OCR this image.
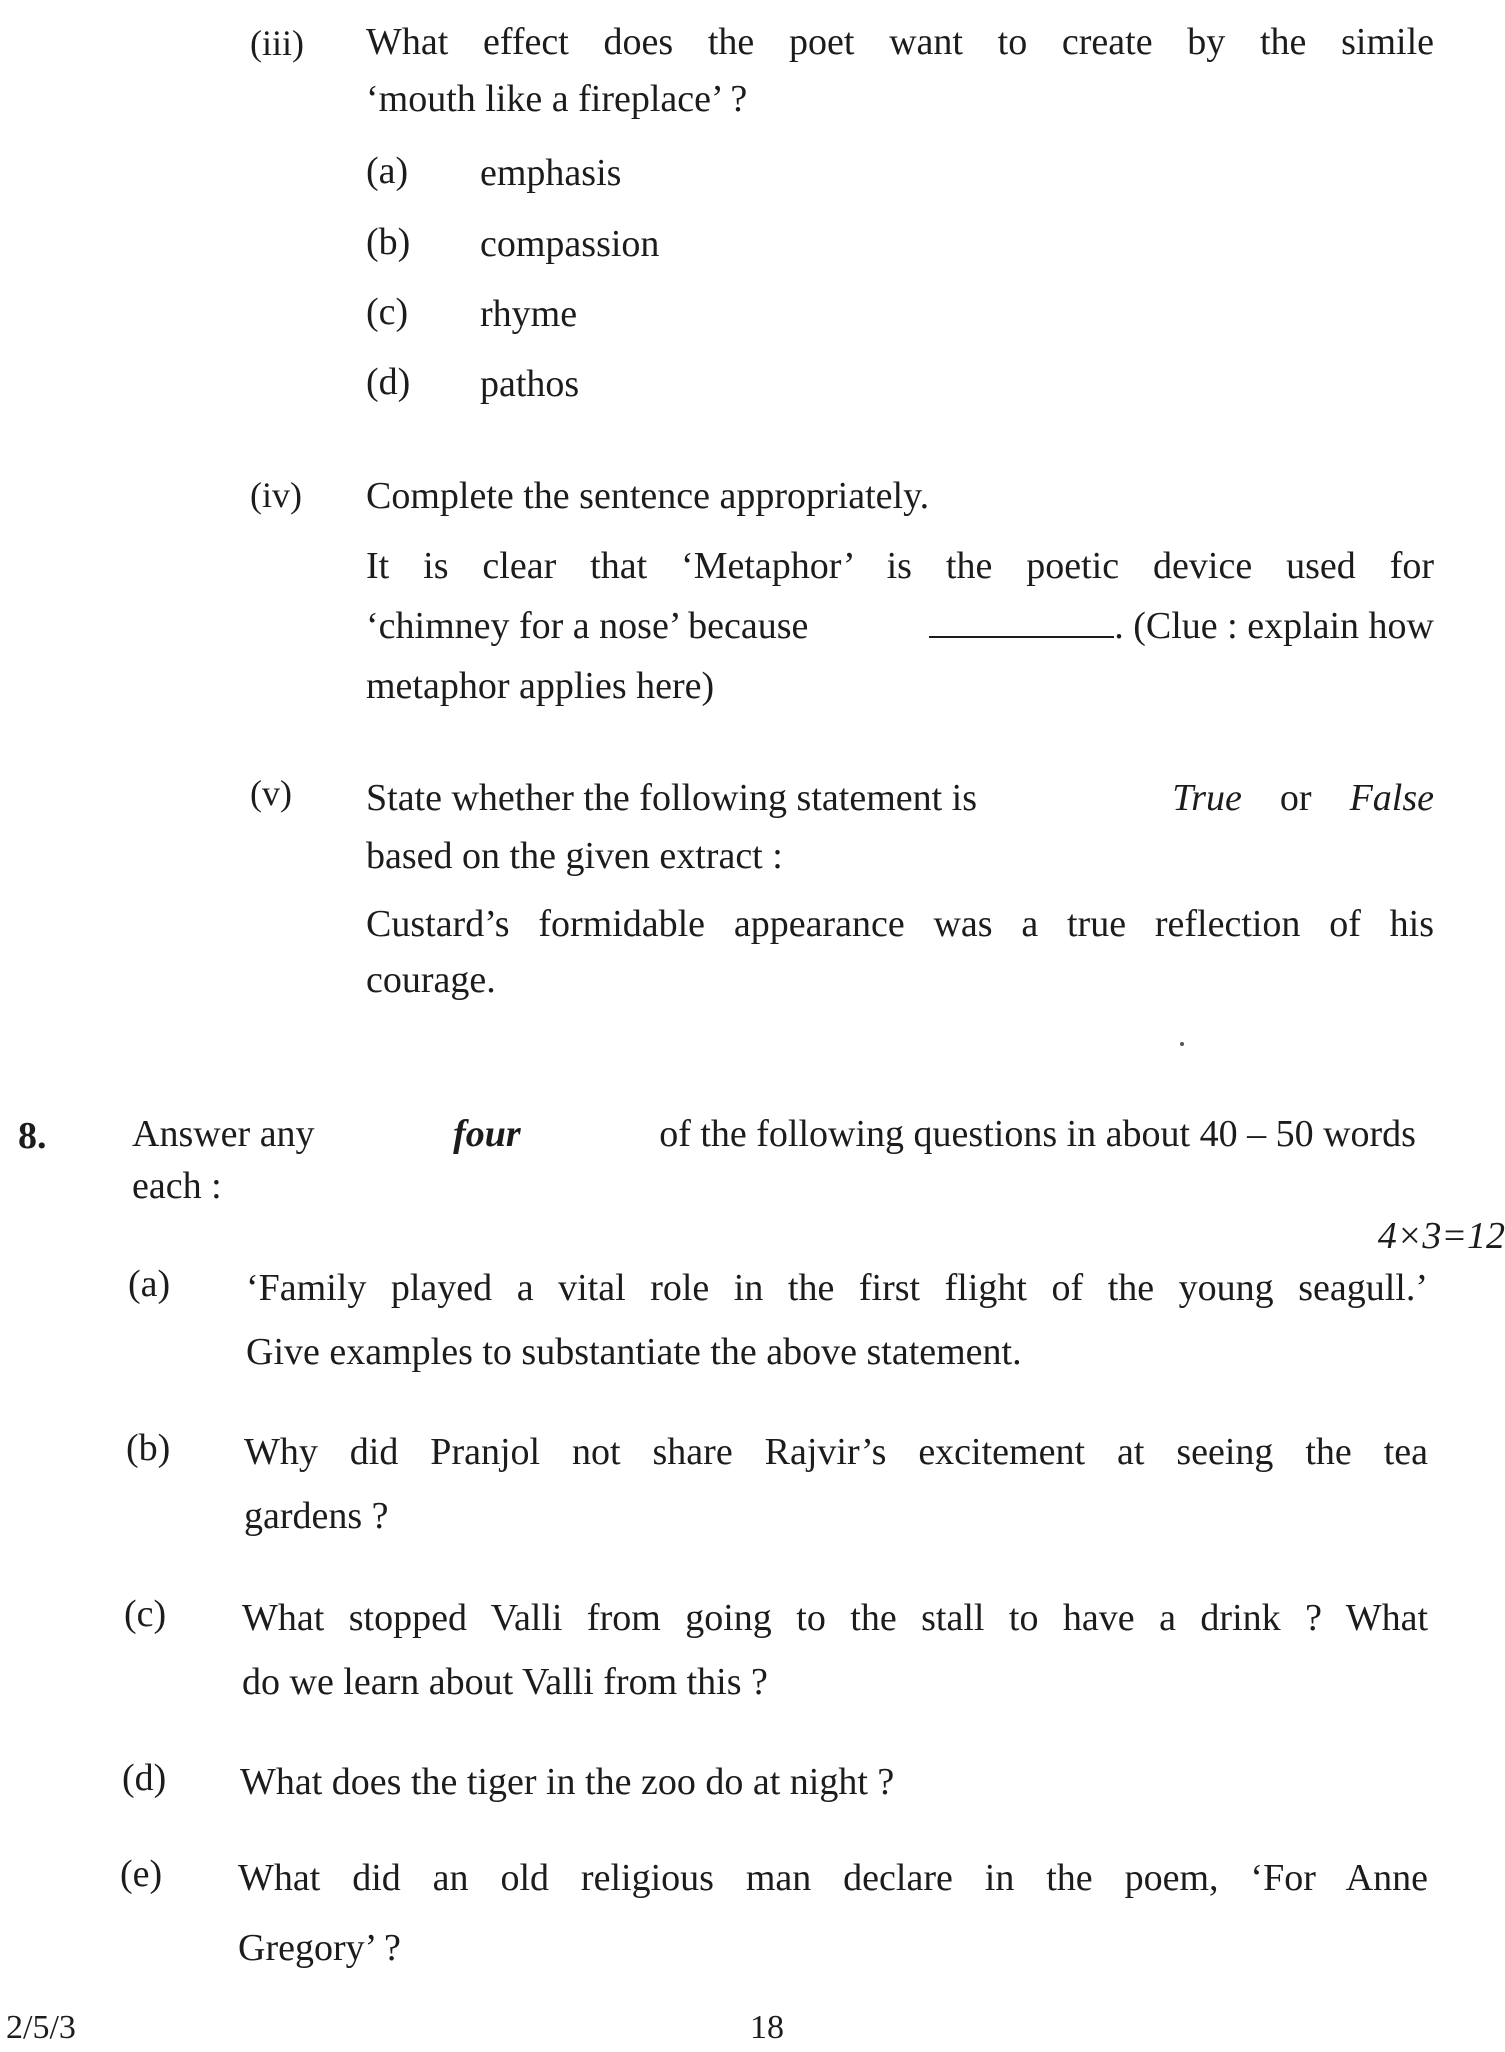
(iii) What effect does the poet want to create by the simile
‘mouth like a fireplace’ ?
(a) emphasis
(b) compassion
(c) rhyme
(d) pathos
(iv) Complete the sentence appropriately.
It is clear that ‘Metaphor’ is the poetic device used for
‘chimney for a nose’ because	. (Clue : explain how
metaphor applies here)
(v) State whether the following statement is	True or False
based on the given extract :
Custard’s formidable appearance was a true reflection of his
courage.
8. Answer any	four	of the following questions in about 40 – 50 words
each :
4×3=12
(a) ‘Family played a vital role in the first flight of the young seagull.’
Give examples to substantiate the above statement.
(b) Why did Pranjol not share Rajvir’s excitement at seeing the tea
gardens ?
(c) What stopped Valli from going to the stall to have a drink ? What
do we learn about Valli from this ?
(d) What does the tiger in the zoo do at night ?
(e) What did an old religious man declare in the poem, ‘For Anne
Gregory’ ?
2/5/3	18
